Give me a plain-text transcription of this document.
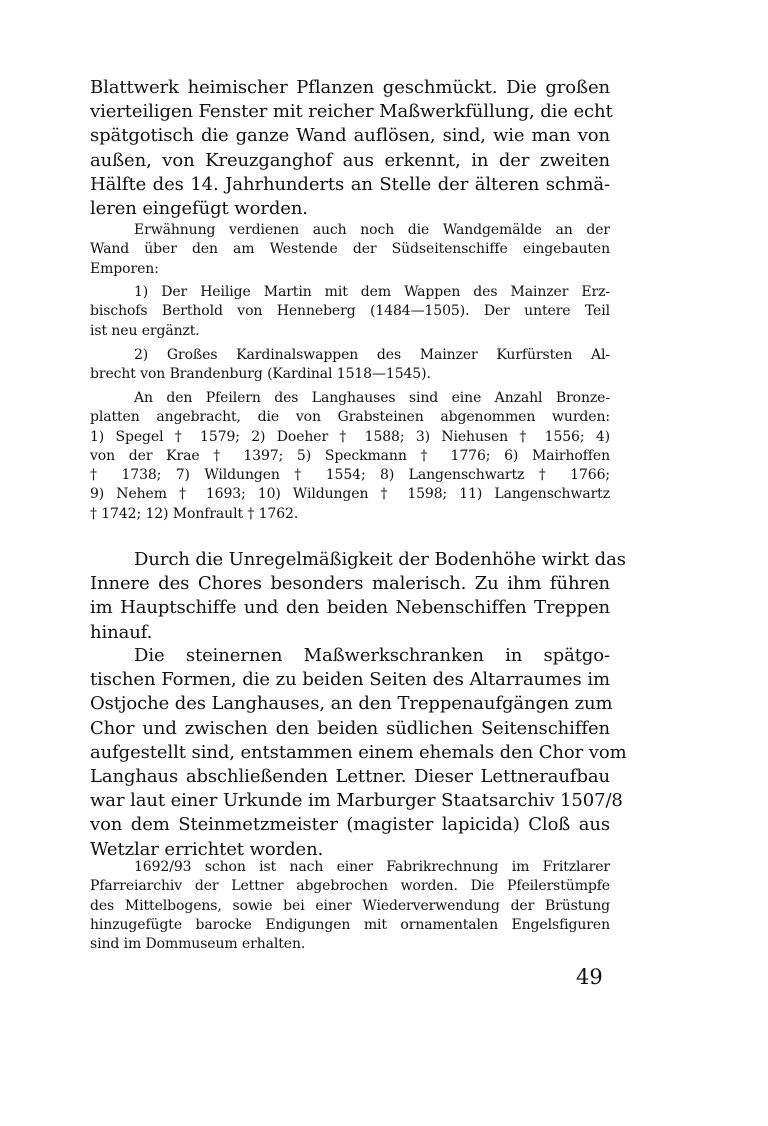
Blattwerk heimischer Pflanzen geschmückt. Die großen
vierteiligen Fenster mit reicher Maßwerkfüllung, die echt
spätgotisch die ganze Wand auflösen, sind, wie man von
außen, von Kreuzganghof aus erkennt, in der zweiten
Hälfte des 14. Jahrhunderts an Stelle der älteren schmä-
leren eingefügt worden.
Erwähnung verdienen auch noch die Wandgemälde an der
Wand über den am Westende der Südseitenschiffe eingebauten
Emporen:
1) Der Heilige Martin mit dem Wappen des Mainzer Erz-
bischofs Berthold von Henneberg (1484—1505). Der untere Teil
ist neu ergänzt.
2) Großes Kardinalswappen des Mainzer Kurfürsten Al-
brecht von Brandenburg (Kardinal 1518—1545).
An den Pfeilern des Langhauses sind eine Anzahl Bronze-
platten angebracht, die von Grabsteinen abgenommen wurden:
1) Spegel † 1579; 2) Doeher † 1588; 3) Niehusen † 1556; 4)
von der Krae † 1397; 5) Speckmann † 1776; 6) Mairhoffen
† 1738; 7) Wildungen † 1554; 8) Langenschwartz † 1766;
9) Nehem † 1693; 10) Wildungen † 1598; 11) Langenschwartz
† 1742; 12) Monfrault † 1762.
Durch die Unregelmäßigkeit der Bodenhöhe wirkt das
Innere des Chores besonders malerisch. Zu ihm führen
im Hauptschiffe und den beiden Nebenschiffen Treppen
hinauf.
Die steinernen Maßwerkschranken in spätgo-
tischen Formen, die zu beiden Seiten des Altarraumes im
Ostjoche des Langhauses, an den Treppenaufgängen zum
Chor und zwischen den beiden südlichen Seitenschiffen
aufgestellt sind, entstammen einem ehemals den Chor vom
Langhaus abschließenden Lettner. Dieser Lettneraufbau
war laut einer Urkunde im Marburger Staatsarchiv 1507/8
von dem Steinmetzmeister (magister lapicida) Cloß aus
Wetzlar errichtet worden.
1692/93 schon ist nach einer Fabrikrechnung im Fritzlarer
Pfarreiarchiv der Lettner abgebrochen worden. Die Pfeilerstümpfe
des Mittelbogens, sowie bei einer Wiederverwendung der Brüstung
hinzugefügte barocke Endigungen mit ornamentalen Engelsfiguren
sind im Dommuseum erhalten.
49
